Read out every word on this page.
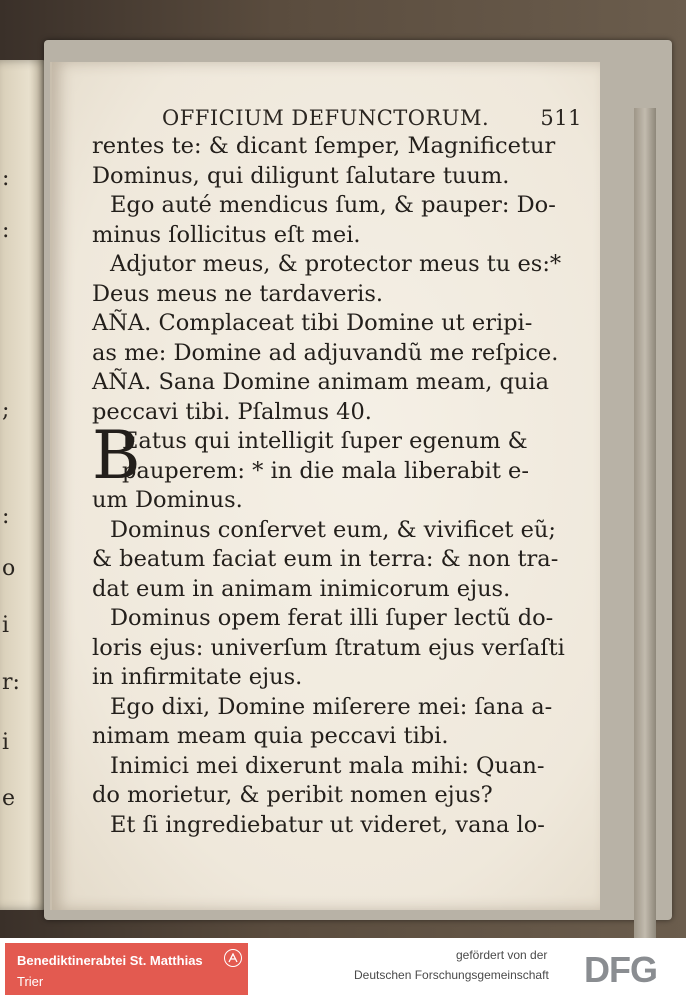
:
:
;
:
o
i
r:
i
e
OFFICIUM DEFUNCTORUM. 511
rentes te: & dicant ſemper, Magnificetur
Dominus, qui diligunt ſalutare tuum.
Ego auté mendicus ſum, & pauper: Do-
minus ſollicitus eſt mei.
Adjutor meus, & protector meus tu es:*
Deus meus ne tardaveris.
AÑA. Complaceat tibi Domine ut eripi-
as me: Domine ad adjuvandũ me reſpice.
AÑA. Sana Domine animam meam, quia
peccavi tibi. Pſalmus 40.
B
Eatus qui intelligit ſuper egenum &
pauperem: * in die mala liberabit e-
um Dominus.
Dominus conſervet eum, & vivificet eũ;
& beatum faciat eum in terra: & non tra-
dat eum in animam inimicorum ejus.
Dominus opem ferat illi ſuper lectũ do-
loris ejus: univerſum ſtratum ejus verſaſti
in infirmitate ejus.
Ego dixi, Domine miſerere mei: ſana a-
nimam meam quia peccavi tibi.
Inimici mei dixerunt mala mihi: Quan-
do morietur, & peribit nomen ejus?
Et ſi ingrediebatur ut videret, vana lo-
Benediktinerabtei St. Matthias
Trier
gefördert von der
Deutschen Forschungsgemeinschaft DFG
